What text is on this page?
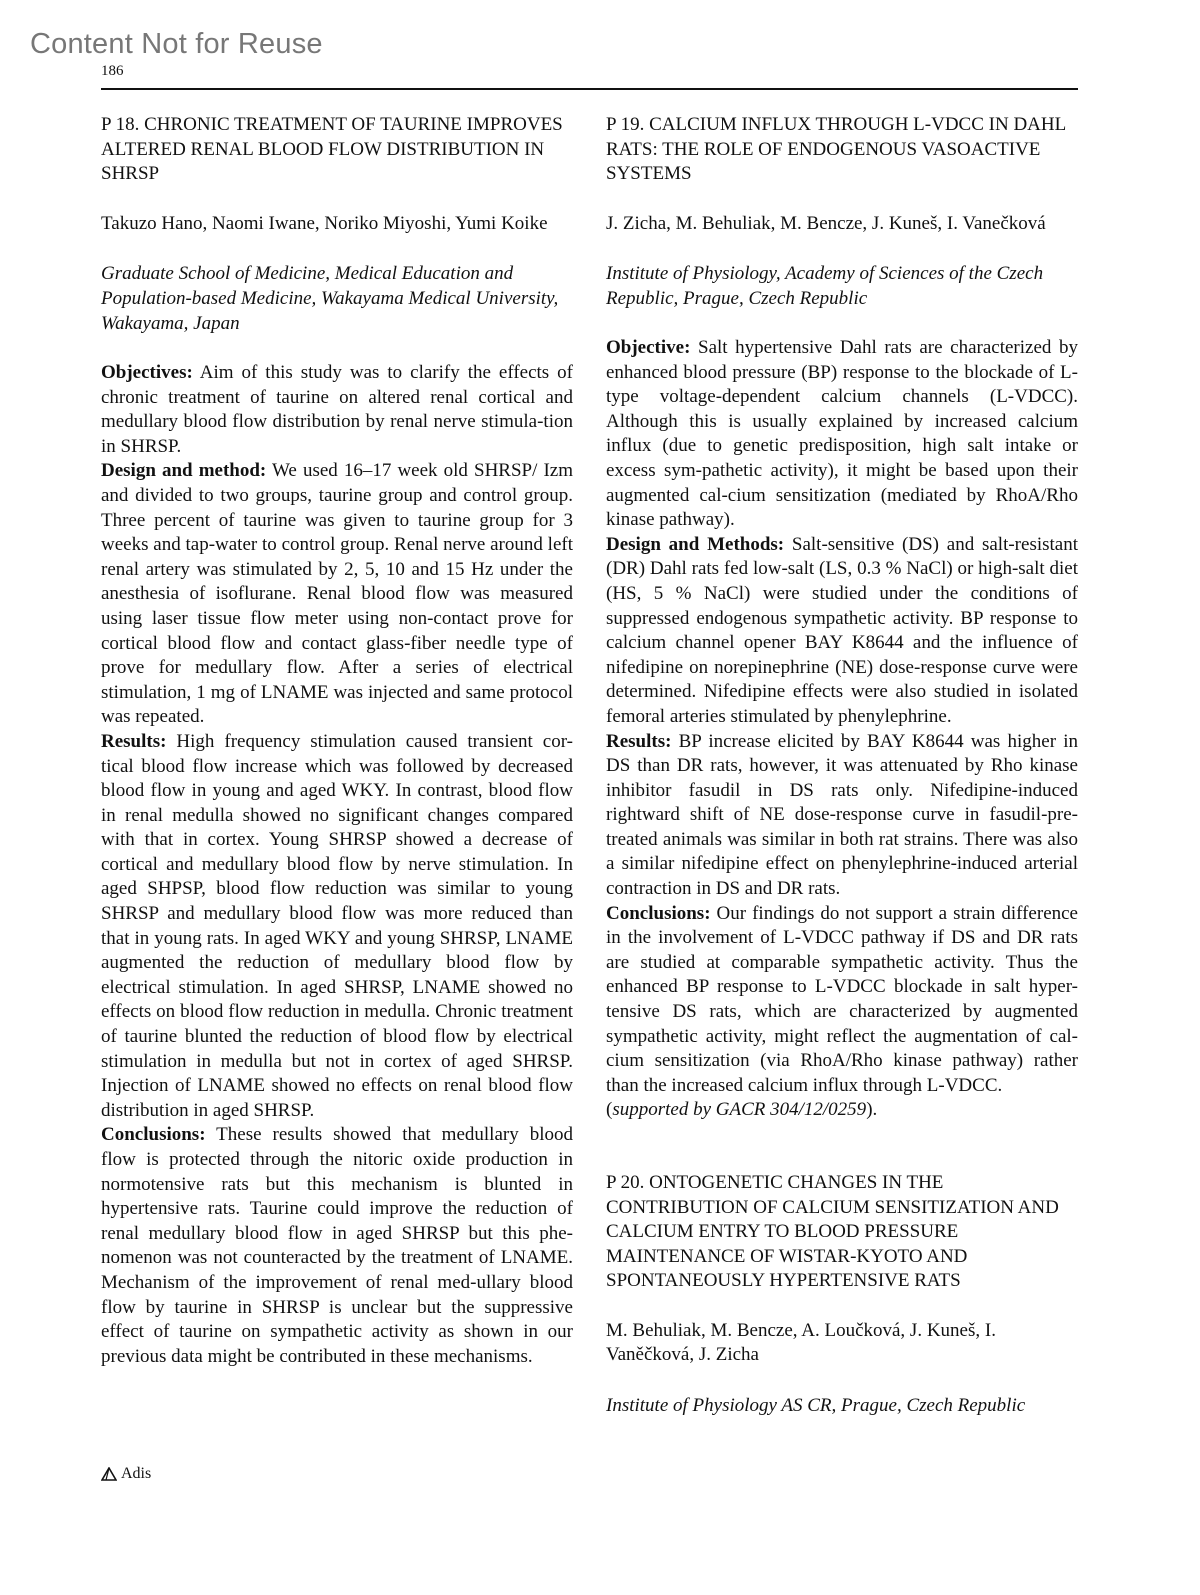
Content Not for Reuse
186
P 18. CHRONIC TREATMENT OF TAURINE IMPROVES ALTERED RENAL BLOOD FLOW DISTRIBUTION IN SHRSP
Takuzo Hano, Naomi Iwane, Noriko Miyoshi, Yumi Koike
Graduate School of Medicine, Medical Education and Population-based Medicine, Wakayama Medical University, Wakayama, Japan

Objectives: Aim of this study was to clarify the effects of chronic treatment of taurine on altered renal cortical and medullary blood flow distribution by renal nerve stimula-tion in SHRSP.

Design and method: We used 16–17 week old SHRSP/ Izm and divided to two groups, taurine group and control group. Three percent of taurine was given to taurine group for 3 weeks and tap-water to control group. Renal nerve around left renal artery was stimulated by 2, 5, 10 and 15 Hz under the anesthesia of isoflurane. Renal blood flow was measured using laser tissue flow meter using non-contact prove for cortical blood flow and contact glass-fiber needle type of prove for medullary flow. After a series of electrical stimulation, 1 mg of LNAME was injected and same protocol was repeated.

Results: High frequency stimulation caused transient cor-tical blood flow increase which was followed by decreased blood flow in young and aged WKY. In contrast, blood flow in renal medulla showed no significant changes compared with that in cortex. Young SHRSP showed a decrease of cortical and medullary blood flow by nerve stimulation. In aged SHPSP, blood flow reduction was similar to young SHRSP and medullary blood flow was more reduced than that in young rats. In aged WKY and young SHRSP, LNAME augmented the reduction of medullary blood flow by electrical stimulation. In aged SHRSP, LNAME showed no effects on blood flow reduction in medulla. Chronic treatment of taurine blunted the reduction of blood flow by electrical stimulation in medulla but not in cortex of aged SHRSP. Injection of LNAME showed no effects on renal blood flow distribution in aged SHRSP.

Conclusions: These results showed that medullary blood flow is protected through the nitoric oxide production in normotensive rats but this mechanism is blunted in hypertensive rats. Taurine could improve the reduction of renal medullary blood flow in aged SHRSP but this phe-nomenon was not counteracted by the treatment of LNAME. Mechanism of the improvement of renal med-ullary blood flow by taurine in SHRSP is unclear but the suppressive effect of taurine on sympathetic activity as shown in our previous data might be contributed in these mechanisms.

P 19. CALCIUM INFLUX THROUGH L-VDCC IN DAHL RATS: THE ROLE OF ENDOGENOUS VASOACTIVE SYSTEMS
J. Zicha, M. Behuliak, M. Bencze, J. Kuneš, I. Vanečková
Institute of Physiology, Academy of Sciences of the Czech Republic, Prague, Czech Republic

Objective: Salt hypertensive Dahl rats are characterized by enhanced blood pressure (BP) response to the blockade of L-type voltage-dependent calcium channels (L-VDCC). Although this is usually explained by increased calcium influx (due to genetic predisposition, high salt intake or excess sym-pathetic activity), it might be based upon their augmented cal-cium sensitization (mediated by RhoA/Rho kinase pathway).

Design and Methods: Salt-sensitive (DS) and salt-resistant (DR) Dahl rats fed low-salt (LS, 0.3 % NaCl) or high-salt diet (HS, 5 % NaCl) were studied under the conditions of suppressed endogenous sympathetic activity. BP response to calcium channel opener BAY K8644 and the influence of nifedipine on norepinephrine (NE) dose-response curve were determined. Nifedipine effects were also studied in isolated femoral arteries stimulated by phenylephrine.

Results: BP increase elicited by BAY K8644 was higher in DS than DR rats, however, it was attenuated by Rho kinase inhibitor fasudil in DS rats only. Nifedipine-induced rightward shift of NE dose-response curve in fasudil-pre-treated animals was similar in both rat strains. There was also a similar nifedipine effect on phenylephrine-induced arterial contraction in DS and DR rats.

Conclusions: Our findings do not support a strain difference in the involvement of L-VDCC pathway if DS and DR rats are studied at comparable sympathetic activity. Thus the enhanced BP response to L-VDCC blockade in salt hyper-tensive DS rats, which are characterized by augmented sympathetic activity, might reflect the augmentation of cal-cium sensitization (via RhoA/Rho kinase pathway) rather than the increased calcium influx through L-VDCC.

(supported by GACR 304/12/0259).

P 20. ONTOGENETIC CHANGES IN THE CONTRIBUTION OF CALCIUM SENSITIZATION AND CALCIUM ENTRY TO BLOOD PRESSURE MAINTENANCE OF WISTAR-KYOTO AND SPONTANEOUSLY HYPERTENSIVE RATS
M. Behuliak, M. Bencze, A. Loučková, J. Kuneš, I. Vaněčková, J. Zicha
Institute of Physiology AS CR, Prague, Czech Republic
Adis
